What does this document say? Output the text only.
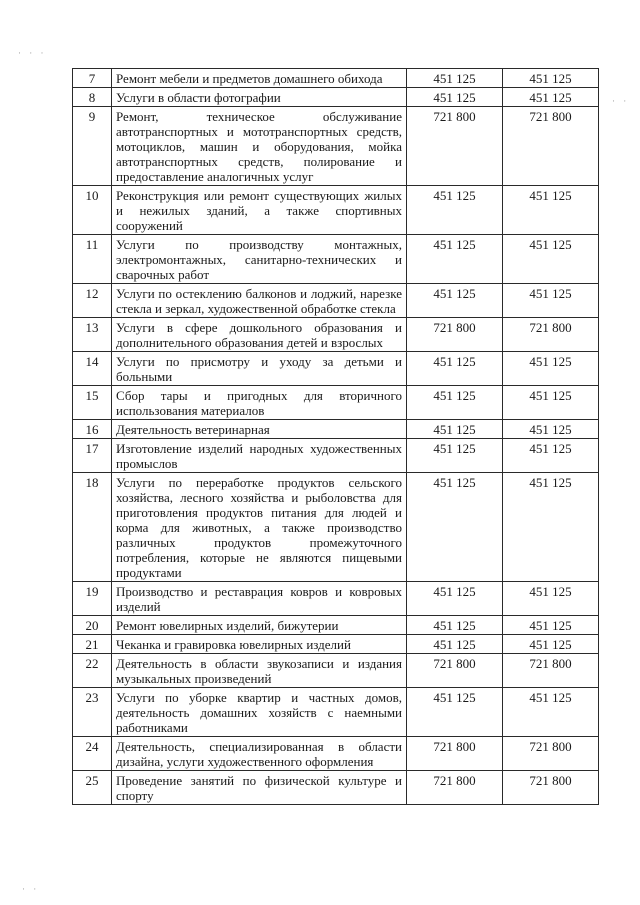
· · ·
· ·
· ·
7	Ремонт мебели и предметов домашнего обихода	451 125	451 125
8	Услуги в области фотографии	451 125	451 125
9	Ремонт, техническое обслуживание автотранспортных и мототранспортных средств, мотоциклов, машин и оборудования, мойка автотранспортных средств, полирование и предоставление аналогичных услуг	721 800	721 800
10	Реконструкция или ремонт существующих жилых и нежилых зданий, а также спортивных сооружений	451 125	451 125
11	Услуги по производству монтажных, электромонтажных, санитарно-технических и сварочных работ	451 125	451 125
12	Услуги по остеклению балконов и лоджий, нарезке стекла и зеркал, художественной обработке стекла	451 125	451 125
13	Услуги в сфере дошкольного образования и дополнительного образования детей и взрослых	721 800	721 800
14	Услуги по присмотру и уходу за детьми и больными	451 125	451 125
15	Сбор тары и пригодных для вторичного использования материалов	451 125	451 125
16	Деятельность ветеринарная	451 125	451 125
17	Изготовление изделий народных художественных промыслов	451 125	451 125
18	Услуги по переработке продуктов сельского хозяйства, лесного хозяйства и рыболовства для приготовления продуктов питания для людей и корма для животных, а также производство различных продуктов промежуточного потребления, которые не являются пищевыми продуктами	451 125	451 125
19	Производство и реставрация ковров и ковровых изделий	451 125	451 125
20	Ремонт ювелирных изделий, бижутерии	451 125	451 125
21	Чеканка и гравировка ювелирных изделий	451 125	451 125
22	Деятельность в области звукозаписи и издания музыкальных произведений	721 800	721 800
23	Услуги по уборке квартир и частных домов, деятельность домашних хозяйств с наемными работниками	451 125	451 125
24	Деятельность, специализированная в области дизайна, услуги художественного оформления	721 800	721 800
25	Проведение занятий по физической культуре и спорту	721 800	721 800
